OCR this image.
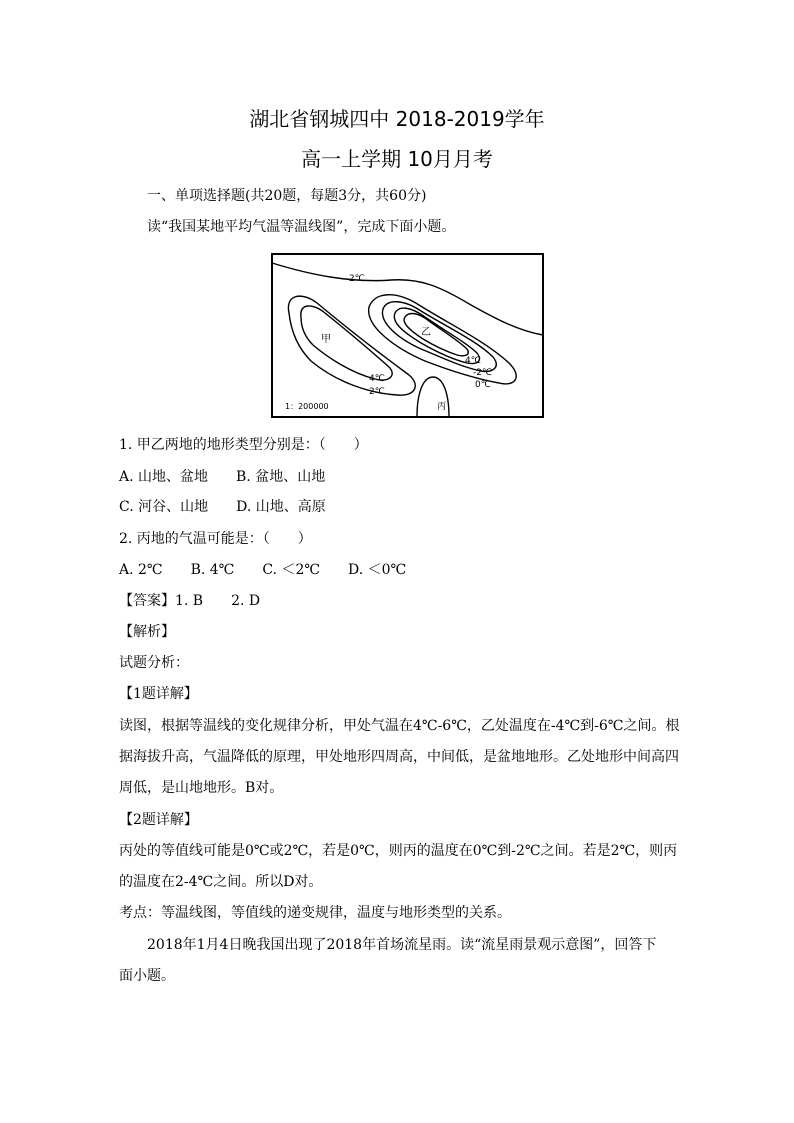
湖北省钢城四中 2018-2019学年
高一上学期 10月月考
一、单项选择题(共20题，每题3分，共60分)
读“我国某地平均气温等温线图”，完成下面小题。
2℃
甲
乙
4℃
-2℃
0℃
4℃
2℃
丙
1：200000
1. 甲乙两地的地形类型分别是：（　　）
A. 山地、盆地　　B. 盆地、山地
C. 河谷、山地　　D. 山地、高原
2. 丙地的气温可能是：（　　）
A. 2℃　　B. 4℃　　C. ＜2℃　　D. ＜0℃
【答案】1. B　　2. D
【解析】
试题分析：
【1题详解】
读图，根据等温线的变化规律分析，甲处气温在4℃-6℃，乙处温度在-4℃到-6℃之间。根
据海拔升高，气温降低的原理，甲处地形四周高，中间低，是盆地地形。乙处地形中间高四
周低，是山地地形。B对。
【2题详解】
丙处的等值线可能是0℃或2℃，若是0℃，则丙的温度在0℃到-2℃之间。若是2℃，则丙
的温度在2-4℃之间。所以D对。
考点：等温线图，等值线的递变规律，温度与地形类型的关系。
2018年1月4日晚我国出现了2018年首场流星雨。读“流星雨景观示意图”，回答下
面小题。
